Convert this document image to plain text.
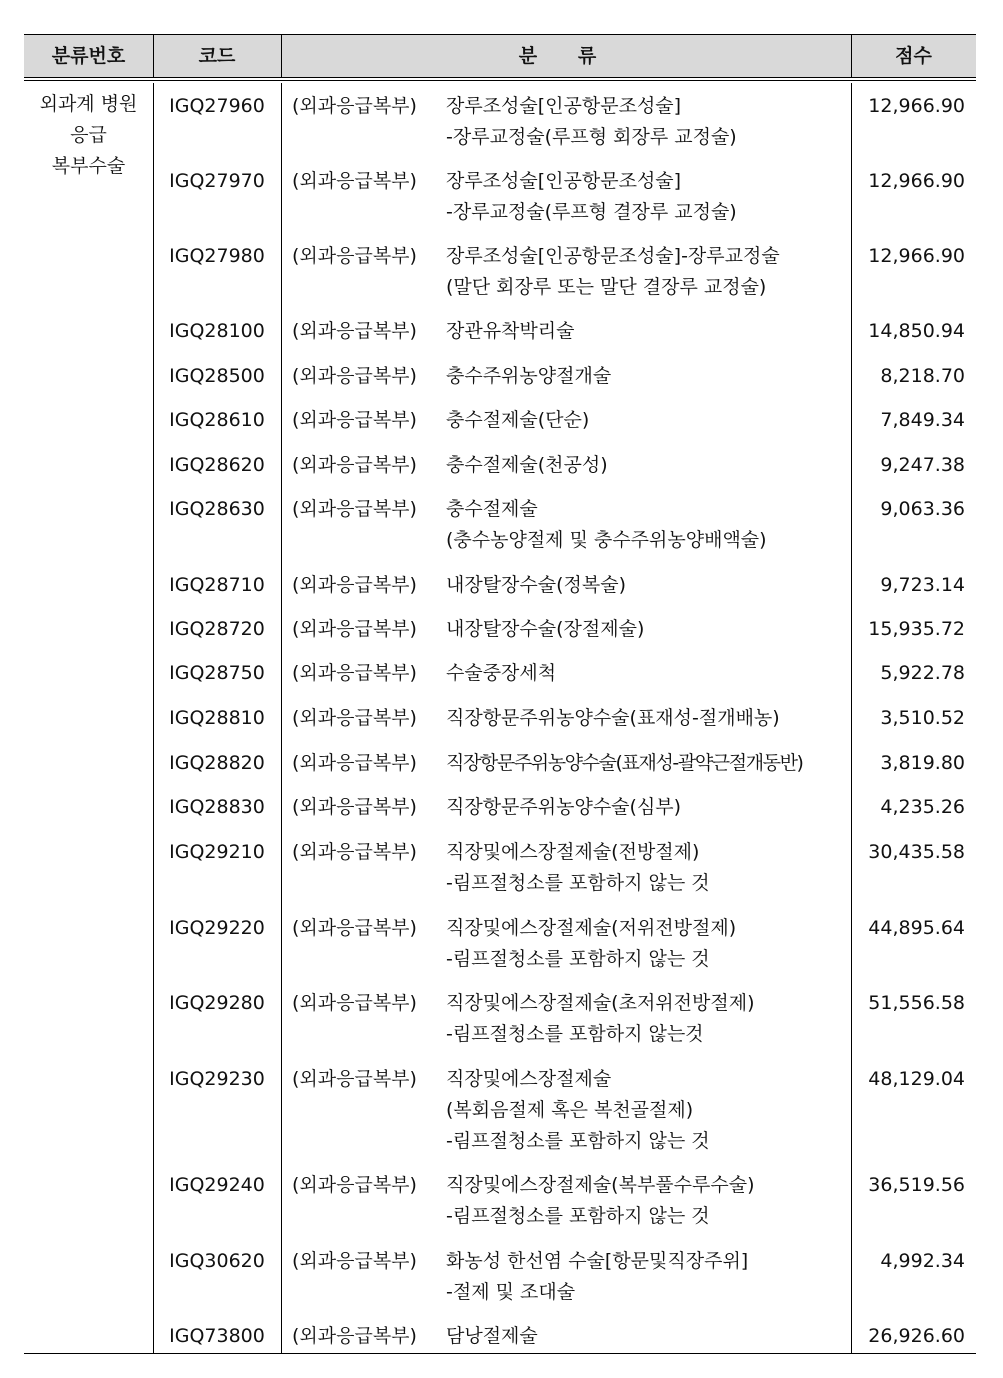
분류번호	코드	분 류	점수
외과계 병원
응급
복부수술
IGQ27960	(외과응급복부) 장루조성술[인공항문조성술]
-장루교정술(루프형 회장루 교정술)
12,966.90
IGQ27970	(외과응급복부) 장루조성술[인공항문조성술]
-장루교정술(루프형 결장루 교정술)
12,966.90
IGQ27980	(외과응급복부) 장루조성술[인공항문조성술]-장루교정술
(말단 회장루 또는 말단 결장루 교정술)
12,966.90
IGQ28100	(외과응급복부) 장관유착박리술	14,850.94
IGQ28500	(외과응급복부) 충수주위농양절개술	8,218.70
IGQ28610	(외과응급복부) 충수절제술(단순)	7,849.34
IGQ28620	(외과응급복부) 충수절제술(천공성)	9,247.38
IGQ28630	(외과응급복부) 충수절제술
(충수농양절제 및 충수주위농양배액술)
9,063.36
IGQ28710	(외과응급복부) 내장탈장수술(정복술)	9,723.14
IGQ28720	(외과응급복부) 내장탈장수술(장절제술)	15,935.72
IGQ28750	(외과응급복부) 수술중장세척	5,922.78
IGQ28810	(외과응급복부) 직장항문주위농양수술(표재성-절개배농)	3,510.52
IGQ28820	(외과응급복부) 직장항문주위농양수술(표재성-괄약근절개동반)	3,819.80
IGQ28830	(외과응급복부) 직장항문주위농양수술(심부)	4,235.26
IGQ29210	(외과응급복부) 직장및에스장절제술(전방절제)
-림프절청소를 포함하지 않는 것
30,435.58
IGQ29220	(외과응급복부) 직장및에스장절제술(저위전방절제)
-림프절청소를 포함하지 않는 것
44,895.64
IGQ29280	(외과응급복부) 직장및에스장절제술(초저위전방절제)
-림프절청소를 포함하지 않는것
51,556.58
IGQ29230	(외과응급복부) 직장및에스장절제술
(복회음절제 혹은 복천골절제)
-림프절청소를 포함하지 않는 것
48,129.04
IGQ29240	(외과응급복부) 직장및에스장절제술(복부풀수루수술)
-림프절청소를 포함하지 않는 것
36,519.56
IGQ30620	(외과응급복부) 화농성 한선염 수술[항문및직장주위]
-절제 및 조대술
4,992.34
IGQ73800	(외과응급복부) 담낭절제술	26,926.60
